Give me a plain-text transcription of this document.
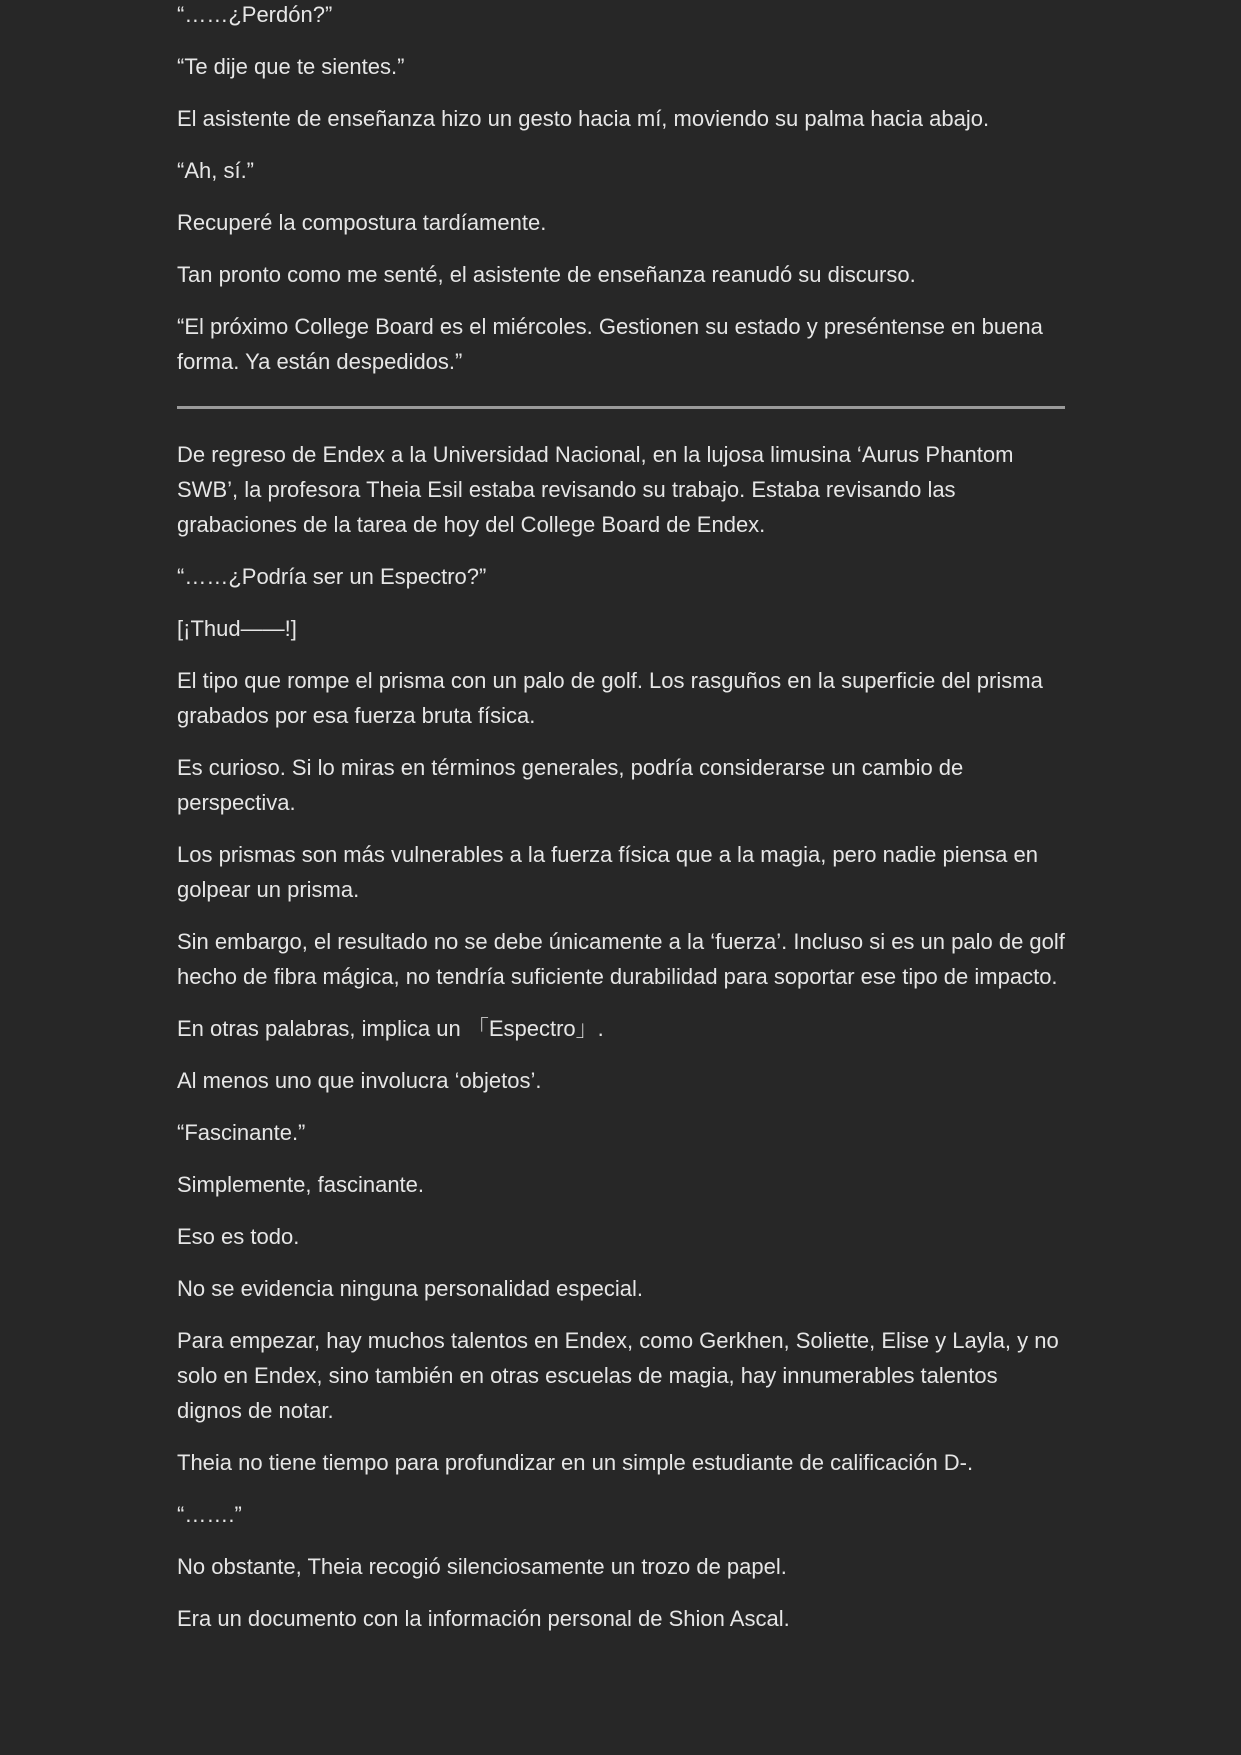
“……¿Perdón?”

“Te dije que te sientes.”

El asistente de enseñanza hizo un gesto hacia mí, moviendo su palma hacia abajo.

“Ah, sí.”

Recuperé la compostura tardíamente.

Tan pronto como me senté, el asistente de enseñanza reanudó su discurso.

“El próximo College Board es el miércoles. Gestionen su estado y preséntense en buena forma. Ya están despedidos.”

De regreso de Endex a la Universidad Nacional, en la lujosa limusina ‘Aurus Phantom SWB’, la profesora Theia Esil estaba revisando su trabajo. Estaba revisando las grabaciones de la tarea de hoy del College Board de Endex.

“……¿Podría ser un Espectro?”

[¡Thud——!]

El tipo que rompe el prisma con un palo de golf. Los rasguños en la superficie del prisma grabados por esa fuerza bruta física.

Es curioso. Si lo miras en términos generales, podría considerarse un cambio de perspectiva.

Los prismas son más vulnerables a la fuerza física que a la magia, pero nadie piensa en golpear un prisma.

Sin embargo, el resultado no se debe únicamente a la ‘fuerza’. Incluso si es un palo de golf hecho de fibra mágica, no tendría suficiente durabilidad para soportar ese tipo de impacto.

En otras palabras, implica un 「Espectro」.

Al menos uno que involucra ‘objetos’.

“Fascinante.”

Simplemente, fascinante.

Eso es todo.

No se evidencia ninguna personalidad especial.

Para empezar, hay muchos talentos en Endex, como Gerkhen, Soliette, Elise y Layla, y no solo en Endex, sino también en otras escuelas de magia, hay innumerables talentos dignos de notar.

Theia no tiene tiempo para profundizar en un simple estudiante de calificación D-.

“…….”

No obstante, Theia recogió silenciosamente un trozo de papel.

Era un documento con la información personal de Shion Ascal.
